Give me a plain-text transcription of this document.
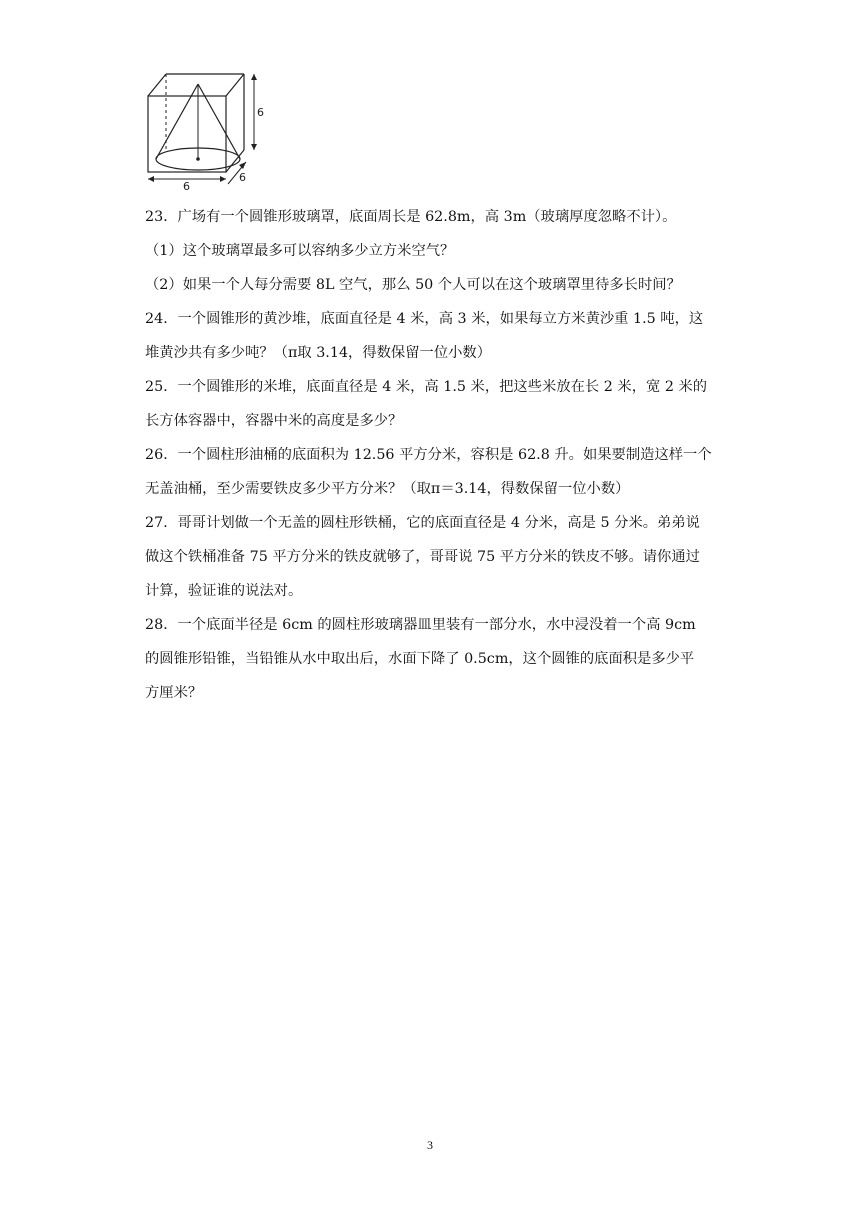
6
6
6
23．广场有一个圆锥形玻璃罩，底面周长是 62.8m，高 3m（玻璃厚度忽略不计）。
（1）这个玻璃罩最多可以容纳多少立方米空气？
（2）如果一个人每分需要 8L 空气，那么 50 个人可以在这个玻璃罩里待多长时间？
24．一个圆锥形的黄沙堆，底面直径是 4 米，高 3 米，如果每立方米黄沙重 1.5 吨，这
堆黄沙共有多少吨？（π取 3.14，得数保留一位小数）
25．一个圆锥形的米堆，底面直径是 4 米，高 1.5 米，把这些米放在长 2 米，宽 2 米的
长方体容器中，容器中米的高度是多少？
26．一个圆柱形油桶的底面积为 12.56 平方分米，容积是 62.8 升。如果要制造这样一个
无盖油桶，至少需要铁皮多少平方分米？（取π＝3.14，得数保留一位小数）
27．哥哥计划做一个无盖的圆柱形铁桶，它的底面直径是 4 分米，高是 5 分米。弟弟说
做这个铁桶准备 75 平方分米的铁皮就够了，哥哥说 75 平方分米的铁皮不够。请你通过
计算，验证谁的说法对。
28．一个底面半径是 6cm 的圆柱形玻璃器皿里装有一部分水，水中浸没着一个高 9cm
的圆锥形铅锥，当铅锥从水中取出后，水面下降了 0.5cm，这个圆锥的底面积是多少平
方厘米？
3
